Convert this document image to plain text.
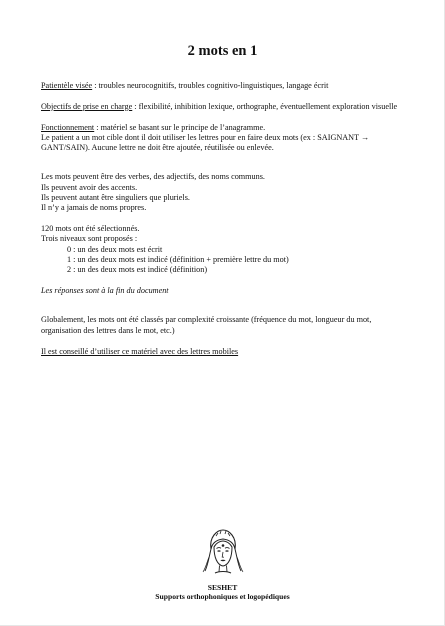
2 mots en 1

Patientèle visée : troubles neurocognitifs, troubles cognitivo-linguistiques, langage écrit

Objectifs de prise en charge : flexibilité, inhibition lexique, orthographe, éventuellement exploration visuelle

Fonctionnement : matériel se basant sur le principe de l’anagramme.

Le patient a un mot cible dont il doit utiliser les lettres pour en faire deux mots (ex : SAIGNANT → GANT/SAIN). Aucune lettre ne doit être ajoutée, réutilisée ou enlevée.

Les mots peuvent être des verbes, des adjectifs, des noms communs.

Ils peuvent avoir des accents.

Ils peuvent autant être singuliers que pluriels.

Il n’y a jamais de noms propres.

120 mots ont été sélectionnés.

Trois niveaux sont proposés :

0 : un des deux mots est écrit

1 : un des deux mots est indicé (définition + première lettre du mot)

2 : un des deux mots est indicé (définition)

Les réponses sont à la fin du document

Globalement, les mots ont été classés par complexité croissante (fréquence du mot, longueur du mot, organisation des lettres dans le mot, etc.)

Il est conseillé d’utiliser ce matériel avec des lettres mobiles

SESHET
Supports orthophoniques et logopédiques
